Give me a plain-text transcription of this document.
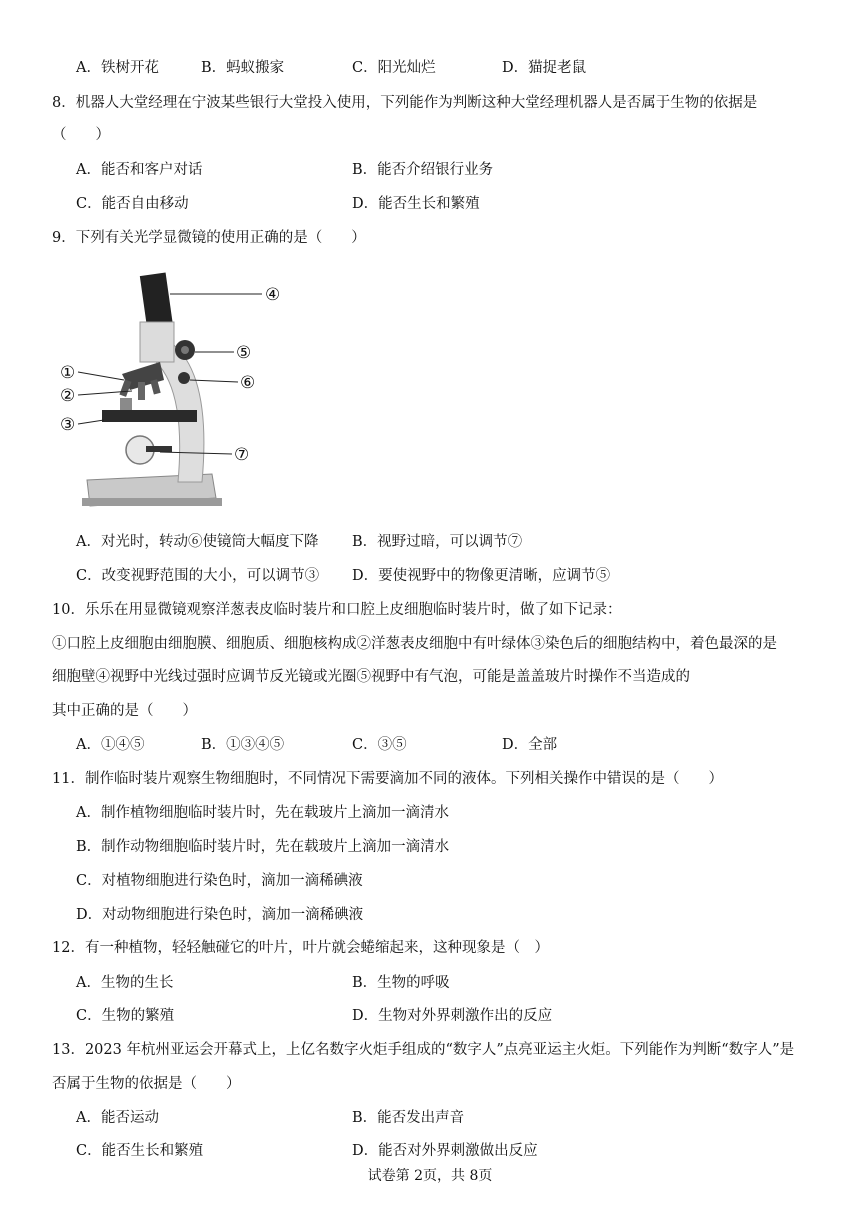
A．铁树开花	B．蚂蚁搬家	C．阳光灿烂	D．猫捉老鼠
8．机器人大堂经理在宁波某些银行大堂投入使用，下列能作为判断这种大堂经理机器人是否属于生物的依据是
（　　）
A．能否和客户对话	B．能否介绍银行业务
C．能否自由移动	D．能否生长和繁殖
9．下列有关光学显微镜的使用正确的是（　　）
④
⑤
⑥
⑦
①
②
③
A．对光时，转动⑥使镜筒大幅度下降 B．视野过暗，可以调节⑦
C．改变视野范围的大小，可以调节③ D．要使视野中的物像更清晰，应调节⑤
10．乐乐在用显微镜观察洋葱表皮临时装片和口腔上皮细胞临时装片时，做了如下记录：
①口腔上皮细胞由细胞膜、细胞质、细胞核构成②洋葱表皮细胞中有叶绿体③染色后的细胞结构中，着色最深的是
细胞壁④视野中光线过强时应调节反光镜或光圈⑤视野中有气泡，可能是盖盖玻片时操作不当造成的
其中正确的是（　　）
A．①④⑤	B．①③④⑤	C．③⑤	D．全部
11．制作临时装片观察生物细胞时，不同情况下需要滴加不同的液体。下列相关操作中错误的是（　　）
A．制作植物细胞临时装片时，先在载玻片上滴加一滴清水
B．制作动物细胞临时装片时，先在载玻片上滴加一滴清水
C．对植物细胞进行染色时，滴加一滴稀碘液
D．对动物细胞进行染色时，滴加一滴稀碘液
12．有一种植物，轻轻触碰它的叶片，叶片就会蜷缩起来，这种现象是（　）
A．生物的生长	B．生物的呼吸
C．生物的繁殖	D．生物对外界刺激作出的反应
13．2023 年杭州亚运会开幕式上，上亿名数字火炬手组成的“数字人”点亮亚运主火炬。下列能作为判断“数字人”是
否属于生物的依据是（　　）
A．能否运动	B．能否发出声音
C．能否生长和繁殖	D．能否对外界刺激做出反应
试卷第 2页，共 8页
